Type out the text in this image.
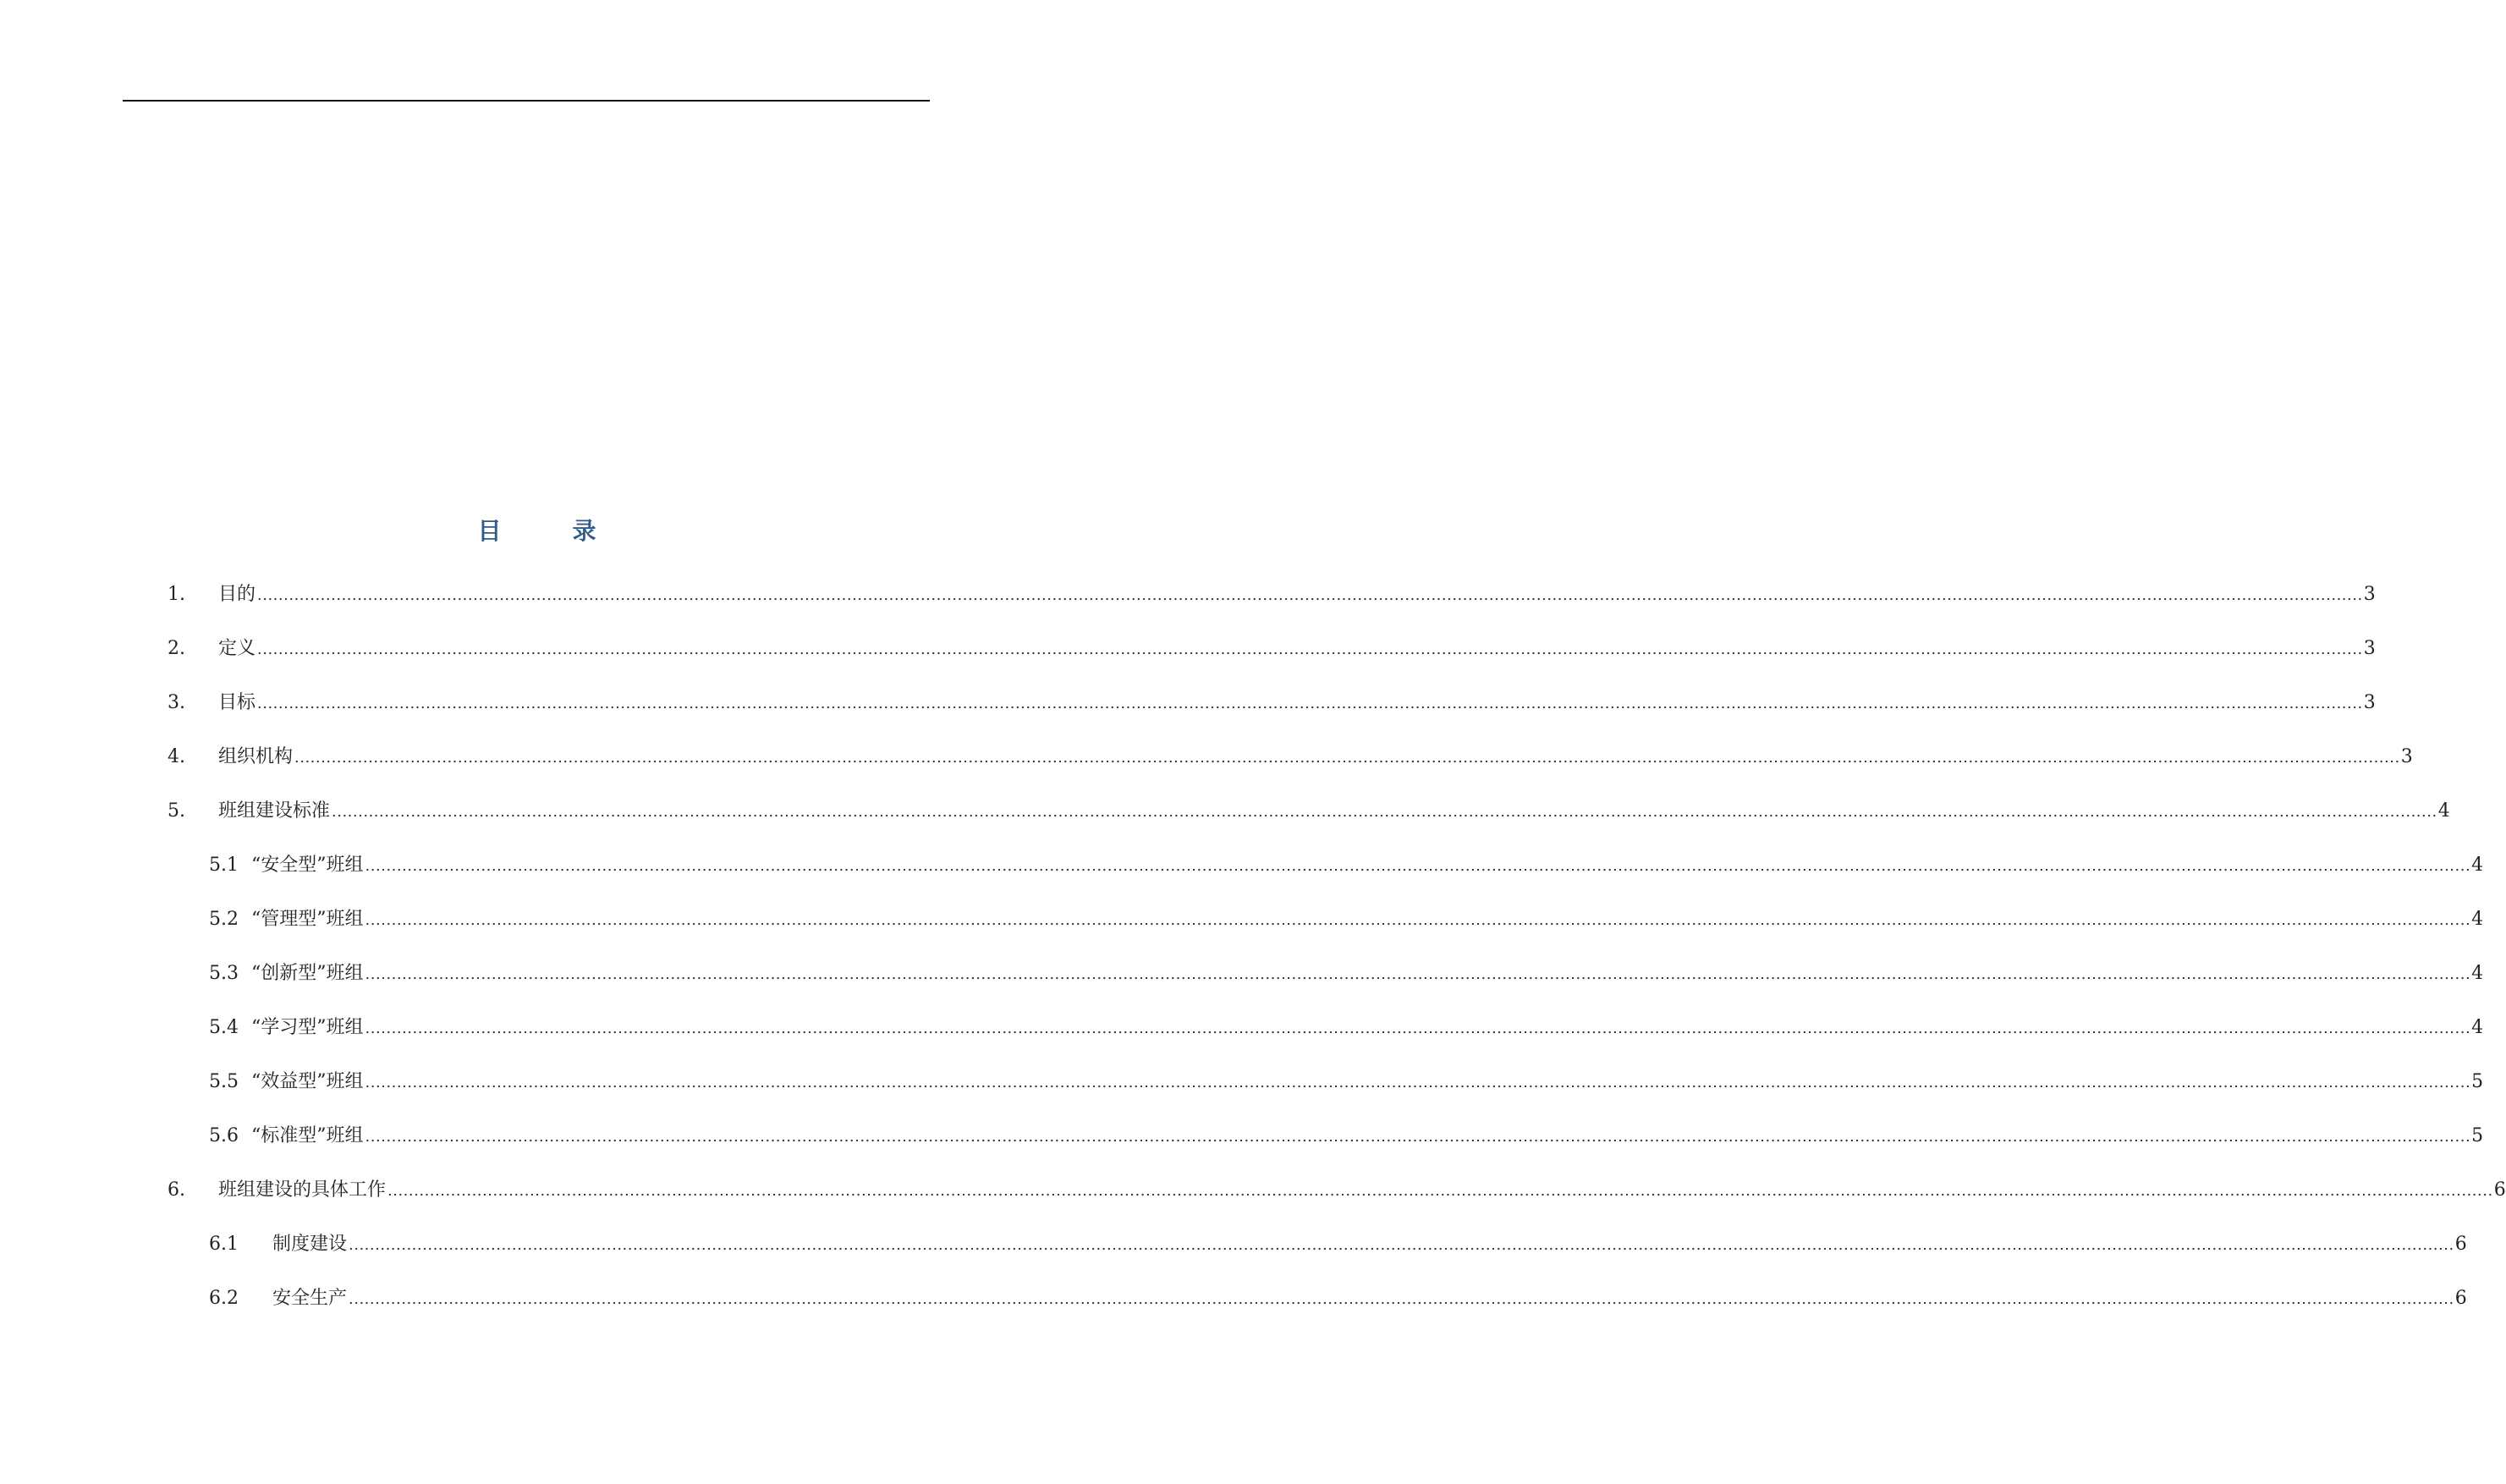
目　录
1.	目的 ................................................................................................................................................................................................................................................................................................................................................................................................................ 3
2.	定义 ................................................................................................................................................................................................................................................................................................................................................................................................................ 3
3.	目标 ................................................................................................................................................................................................................................................................................................................................................................................................................ 3
4.	组织机构 ................................................................................................................................................................................................................................................................................................................................................................................................................ 3
5.	班组建设标准 ................................................................................................................................................................................................................................................................................................................................................................................................................ 4
5.1 “安全型”班组 ................................................................................................................................................................................................................................................................................................................................................................................................................ 4
5.2 “管理型”班组 ................................................................................................................................................................................................................................................................................................................................................................................................................ 4
5.3 “创新型”班组 ................................................................................................................................................................................................................................................................................................................................................................................................................ 4
5.4 “学习型”班组 ................................................................................................................................................................................................................................................................................................................................................................................................................ 4
5.5 “效益型”班组 ................................................................................................................................................................................................................................................................................................................................................................................................................ 5
5.6 “标准型”班组 ................................................................................................................................................................................................................................................................................................................................................................................................................ 5
6.	班组建设的具体工作 ................................................................................................................................................................................................................................................................................................................................................................................................................ 6
6.1	制度建设 ................................................................................................................................................................................................................................................................................................................................................................................................................ 6
6.2	安全生产 ................................................................................................................................................................................................................................................................................................................................................................................................................ 6
